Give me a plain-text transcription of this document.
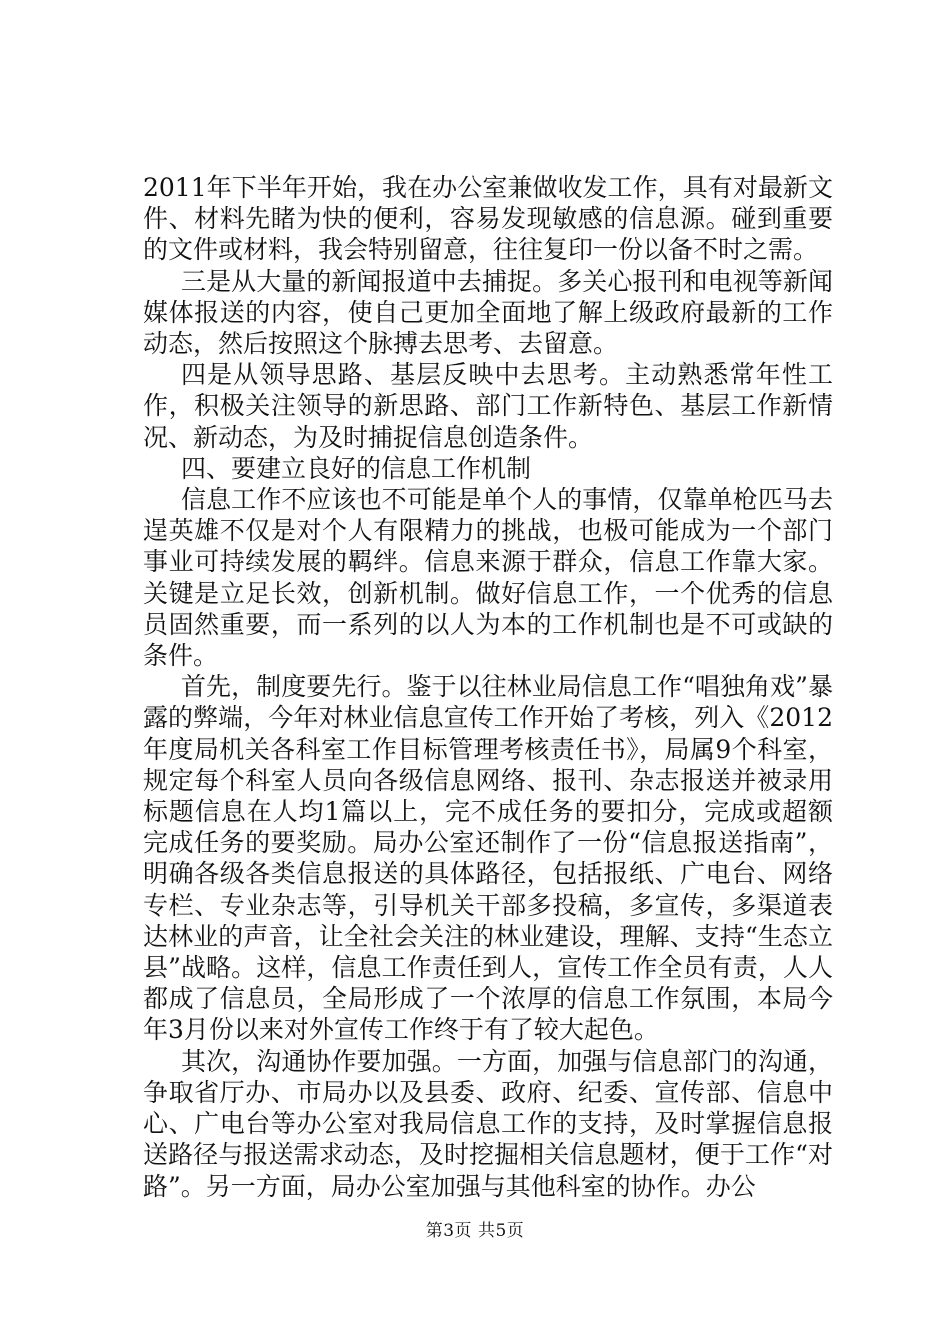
2011年下半年开始，我在办公室兼做收发工作，具有对最新文件、材料先睹为快的便利，容易发现敏感的信息源。碰到重要的文件或材料，我会特别留意，往往复印一份以备不时之需。

三是从大量的新闻报道中去捕捉。多关心报刊和电视等新闻媒体报送的内容，使自己更加全面地了解上级政府最新的工作动态，然后按照这个脉搏去思考、去留意。

四是从领导思路、基层反映中去思考。主动熟悉常年性工作，积极关注领导的新思路、部门工作新特色、基层工作新情况、新动态，为及时捕捉信息创造条件。

四、要建立良好的信息工作机制

信息工作不应该也不可能是单个人的事情，仅靠单枪匹马去逞英雄不仅是对个人有限精力的挑战，也极可能成为一个部门事业可持续发展的羁绊。信息来源于群众，信息工作靠大家。关键是立足长效，创新机制。做好信息工作，一个优秀的信息员固然重要，而一系列的以人为本的工作机制也是不可或缺的条件。

首先，制度要先行。鉴于以往林业局信息工作“唱独角戏”暴露的弊端，今年对林业信息宣传工作开始了考核，列入《2012年度局机关各科室工作目标管理考核责任书》，局属9个科室，规定每个科室人员向各级信息网络、报刊、杂志报送并被录用标题信息在人均1篇以上，完不成任务的要扣分，完成或超额完成任务的要奖励。局办公室还制作了一份“信息报送指南”，明确各级各类信息报送的具体路径，包括报纸、广电台、网络专栏、专业杂志等，引导机关干部多投稿，多宣传，多渠道表达林业的声音，让全社会关注的林业建设，理解、支持“生态立县”战略。这样，信息工作责任到人，宣传工作全员有责，人人都成了信息员，全局形成了一个浓厚的信息工作氛围，本局今年3月份以来对外宣传工作终于有了较大起色。

其次，沟通协作要加强。一方面，加强与信息部门的沟通，争取省厅办、市局办以及县委、政府、纪委、宣传部、信息中心、广电台等办公室对我局信息工作的支持，及时掌握信息报送路径与报送需求动态，及时挖掘相关信息题材，便于工作“对路”。另一方面，局办公室加强与其他科室的协作。办公

第3页 共5页
